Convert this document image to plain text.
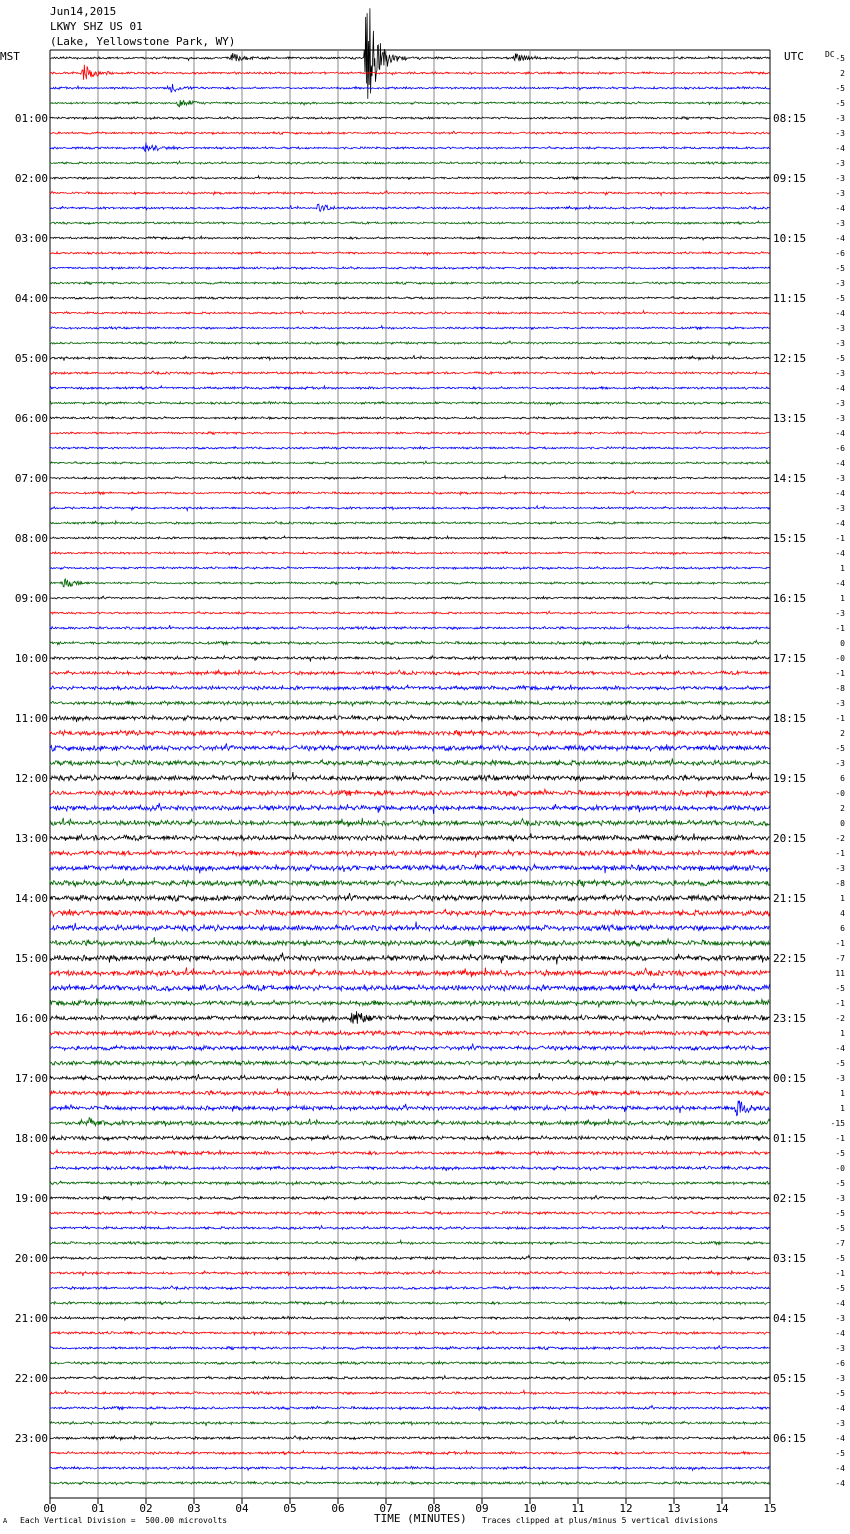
Jun14,2015
LKWY SHZ US 01
(Lake, Yellowstone Park, WY)
MST	UTC	DC
00	01	02	03	04	05	06	07	08	09	10	11	12	13	14	15
-5
2
-5
-5
-3
-3
-4
-3
-3
-3
-4
-3
-4
-6
-5
-3
-5
-4
-3
-3
-5
-3
-4
-3
-3
-4
-6
-4
-3
-4
-3
-4
-1
-4
1
-4
1
-3
-1
0
-0
-1
-8
-3
-1
2
-5
-3
6
-0
2
0
-2
-1
-3
-8
1
4
6
-1
-7
11
-5
-1
-2
1
-4
-5
-3
1
1
-15
-1
-5
-0
-5
-3
-5
-5
-7
-5
-1
-5
-4
-3
-4
-3
-6
-3
-5
-4
-3
-4
-5
-4
-4
01:00
02:00
03:00
04:00
05:00
06:00
07:00
08:00
09:00
10:00
11:00
12:00
13:00
14:00
15:00
16:00
17:00
18:00
19:00
20:00
21:00
22:00
23:00
08:15
09:15
10:15
11:15
12:15
13:15
14:15
15:15
16:15
17:15
18:15
19:15
20:15
21:15
22:15
23:15
00:15
01:15
02:15
03:15
04:15
05:15
06:15
A Each Vertical Division =  500.00 microvolts	TIME (MINUTES) Traces clipped at plus/minus 5 vertical divisions
